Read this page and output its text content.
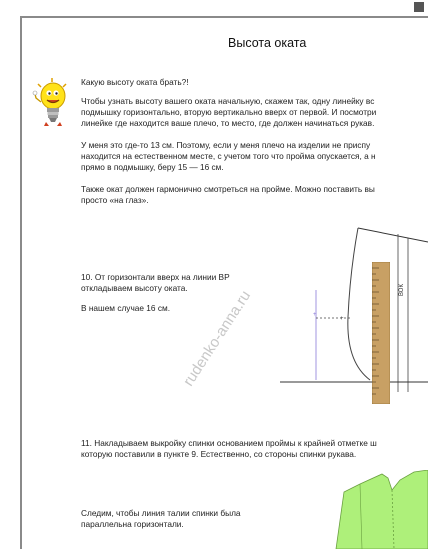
Высота оката
Какую высоту оката брать?!
Чтобы узнать высоту вашего оката начальную, скажем так, одну линейку вс
подмышку горизонтально, вторую вертикально вверх от первой. И посмотри
линейке где находится ваше плечо, то место, где должен начинаться рукав.
У меня это где-то 13 см. Поэтому, если у меня плечо на изделии не приспу
находится на естественном месте, с учетом того что пройма опускается, а н
прямо в подмышку, беру 15 — 16 см.
Также окат должен гармонично смотреться на пройме. Можно поставить вы
просто «на глаз».
10. От горизонтали вверх на линии ВР
откладываем высоту оката.
В нашем случае 16 см.
+
+
ВОК
rudenko-anna.ru
11. Накладываем выкройку спинки основанием проймы к крайней отметке ш
которую поставили в пункте 9. Естественно, со стороны спинки рукава.
Следим, чтобы линия талии спинки была
параллельна горизонтали.
